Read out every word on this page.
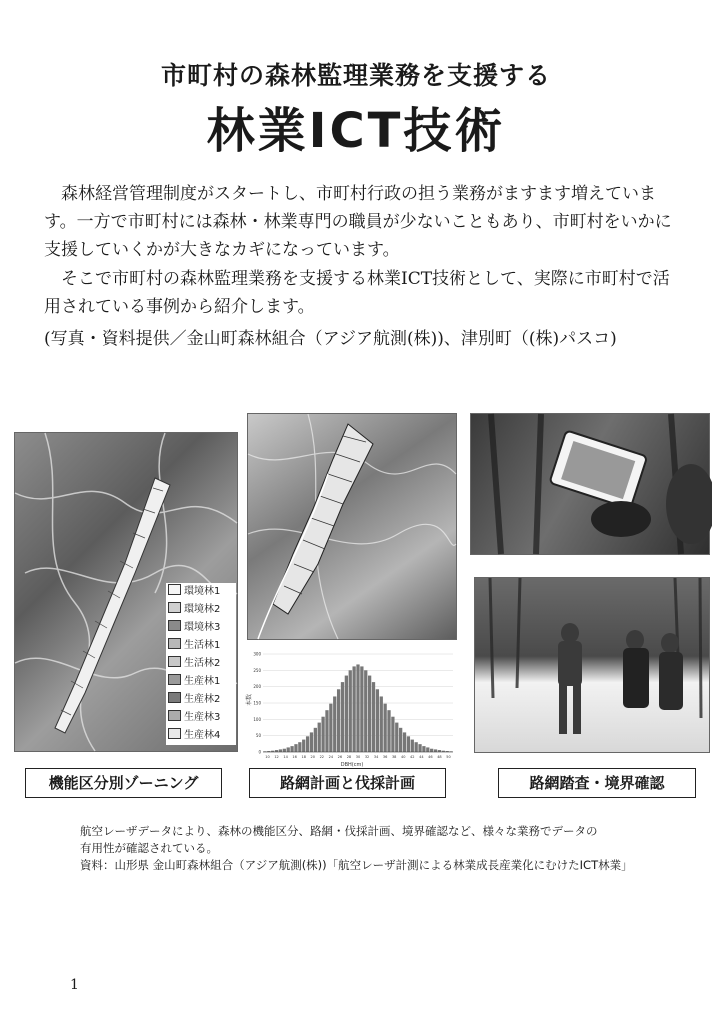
市町村の森林監理業務を支援する
林業ICT技術

森林経営管理制度がスタートし、市町村行政の担う業務がますます増えています。一方で市町村には森林・林業専門の職員が少ないこともあり、市町村をいかに支援していくかが大きなカギになっています。

そこで市町村の森林監理業務を支援する林業ICT技術として、実際に市町村で活用されている事例から紹介します。

(写真・資料提供／金山町森林組合（アジア航測(株))、津別町（(株)パスコ)

環境林1
環境林2
環境林3
生活林1
生活林2
生産林1
生産林2
生産林3
生産林4
0
50
100
150
200
250
300
10 12 14 16 18 20 22 24 26 28 30 32 34 36 38 40 42 44 46 48 50
DBH(cm)
本数
機能区分別ゾーニング	路網計画と伐採計画	路網踏査・境界確認
航空レーザデータにより、森林の機能区分、路網・伐採計画、境界確認など、様々な業務でデータの
有用性が確認されている。
資料：山形県 金山町森林組合（アジア航測(株))「航空レーザ計測による林業成長産業化にむけたICT林業」
1
